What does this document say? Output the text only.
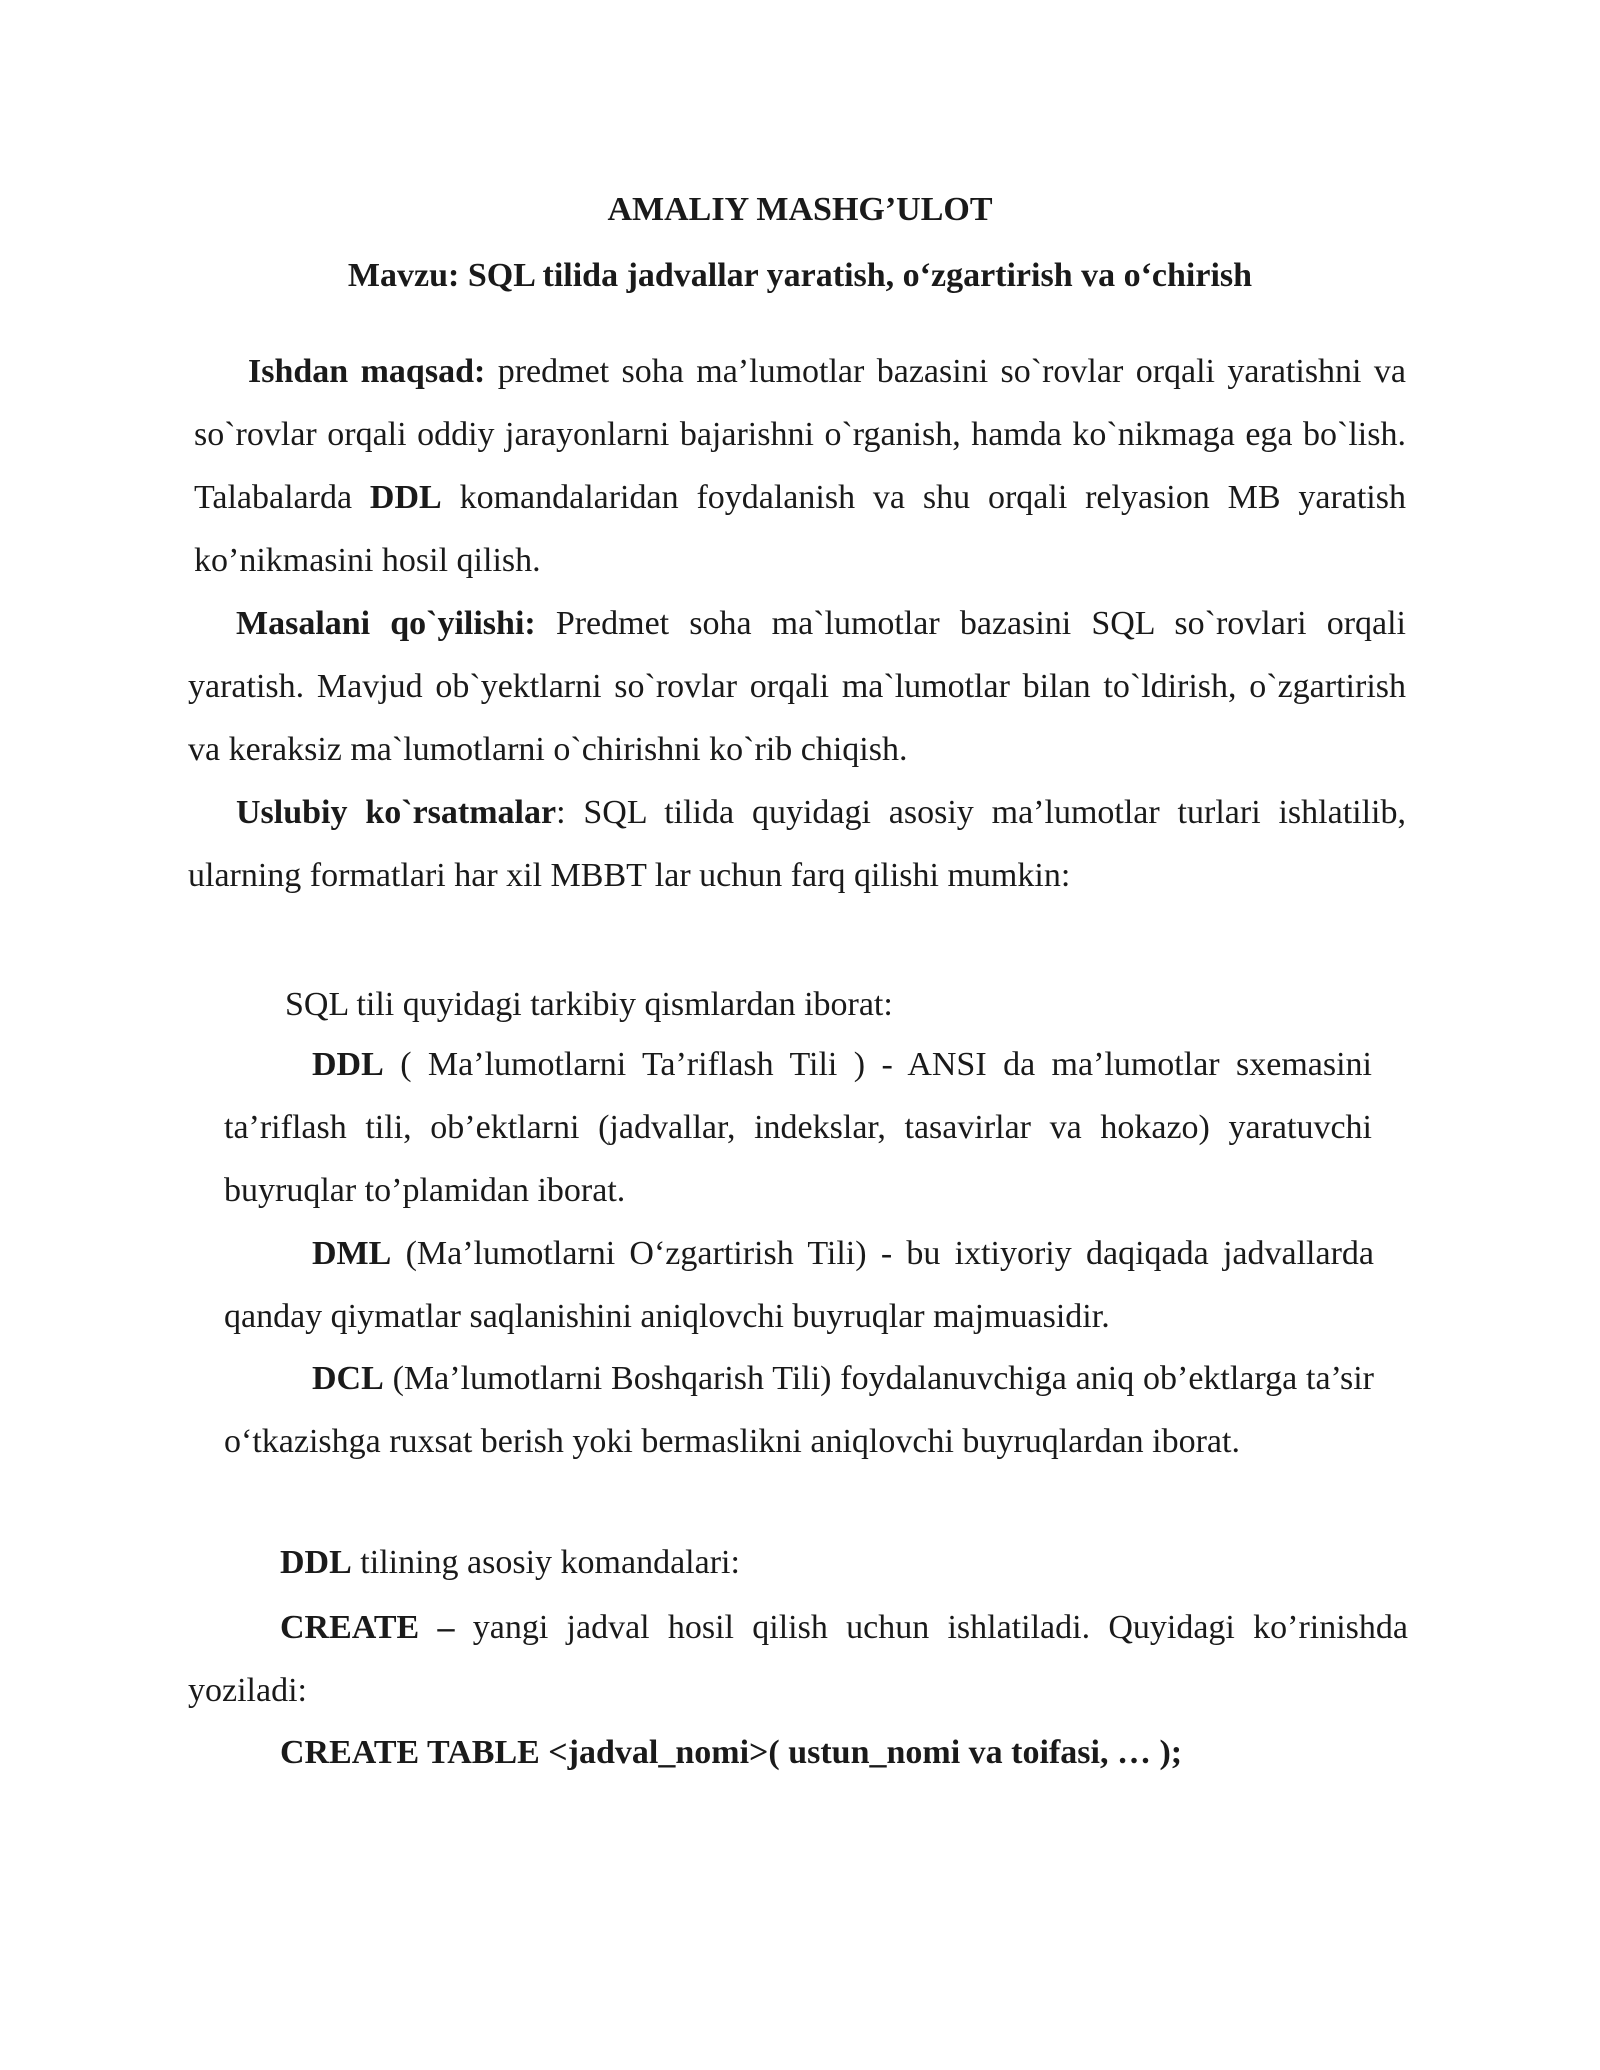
AMALIY MASHG’ULOT
Mavzu: SQL tilida jadvallar yaratish, o‘zgartirish va o‘chirish
Ishdan maqsad: predmet soha ma’lumotlar bazasini so`rovlar orqali yaratishni va so`rovlar orqali oddiy jarayonlarni bajarishni o`rganish, hamda ko`nikmaga ega bo`lish. Talabalarda DDL komandalaridan foydalanish va shu orqali relyasion MB yaratish ko’nikmasini hosil qilish.
Masalani qo`yilishi: Predmet soha ma`lumotlar bazasini SQL so`rovlari orqali yaratish. Mavjud ob`yektlarni so`rovlar orqali ma`lumotlar bilan to`ldirish, o`zgartirish va keraksiz ma`lumotlarni o`chirishni ko`rib chiqish.
Uslubiy ko`rsatmalar: SQL tilida quyidagi asosiy ma’lumotlar turlari ishlatilib, ularning formatlari har xil MBBT lar uchun farq qilishi mumkin:
SQL tili quyidagi tarkibiy qismlardan iborat:
DDL ( Ma’lumotlarni Ta’riflash Tili ) - ANSI da ma’lumotlar sxemasini ta’riflash tili, ob’ektlarni (jadvallar, indekslar, tasavirlar va hokazo) yaratuvchi buyruqlar to’plamidan iborat.
DML (Ma’lumotlarni O‘zgartirish Tili) - bu ixtiyoriy daqiqada jadvallarda qanday qiymatlar saqlanishini aniqlovchi buyruqlar majmuasidir.
DCL (Ma’lumotlarni Boshqarish Tili) foydalanuvchiga aniq ob’ektlarga ta’sir o‘tkazishga ruxsat berish yoki bermaslikni aniqlovchi buyruqlardan iborat.
DDL tilining asosiy komandalari:
CREATE – yangi jadval hosil qilish uchun ishlatiladi. Quyidagi ko’rinishda yoziladi:
CREATE TABLE <jadval_nomi>( ustun_nomi va toifasi, … );
